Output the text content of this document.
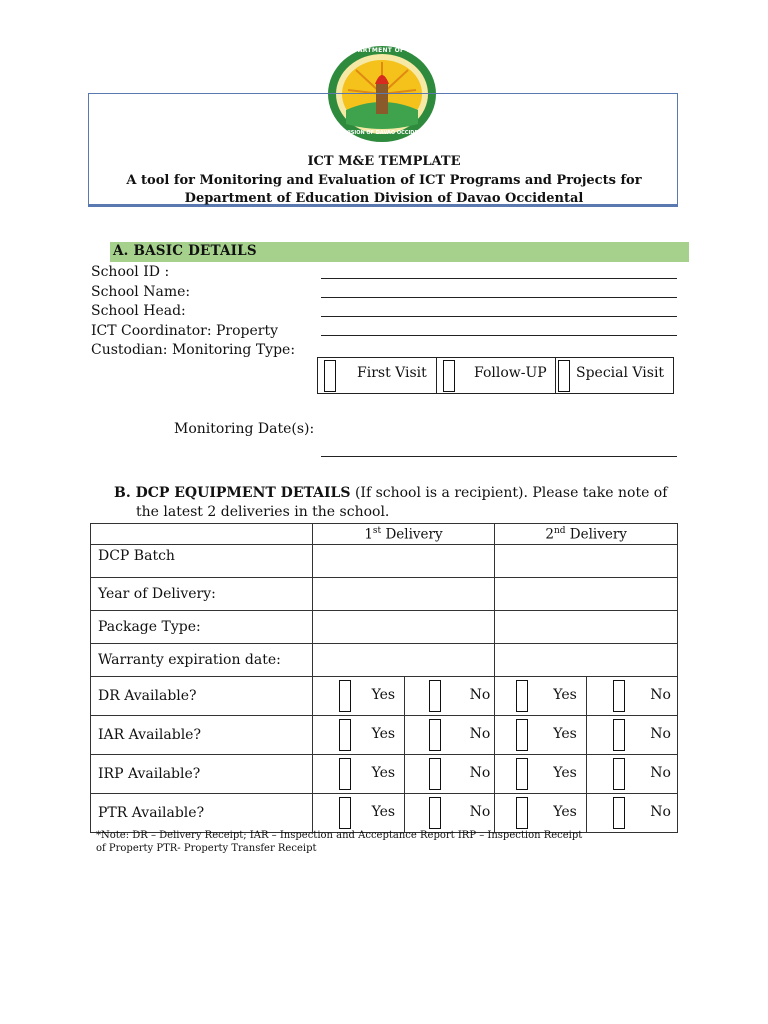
DEPARTMENT OF EDUCATION
DIVISION OF DAVAO OCCIDENTAL
ICT M&E TEMPLATE
A tool for Monitoring and Evaluation of ICT Programs and Projects for
Department of Education Division of Davao Occidental
A. BASIC DETAILS
School ID :
School Name:
School Head:
ICT Coordinator: Property
Custodian: Monitoring Type:
First Visit	Follow-UP Special Visit
Monitoring Date(s):
B. DCP EQUIPMENT DETAILS (If school is a recipient). Please take note of
the latest 2 deliveries in the school.
	1st Delivery	2nd Delivery
DCP Batch		
Year of Delivery:		
Package Type:		
Warranty expiration date:		
DR Available?	Yes No	Yes No

IAR Available?	Yes No	Yes No

IRP Available?	Yes No	Yes No

PTR Available?	Yes No	Yes No
*Note: DR – Delivery Receipt; IAR – Inspection and Acceptance Report IRP – Inspection Receipt
of Property PTR- Property Transfer Receipt
